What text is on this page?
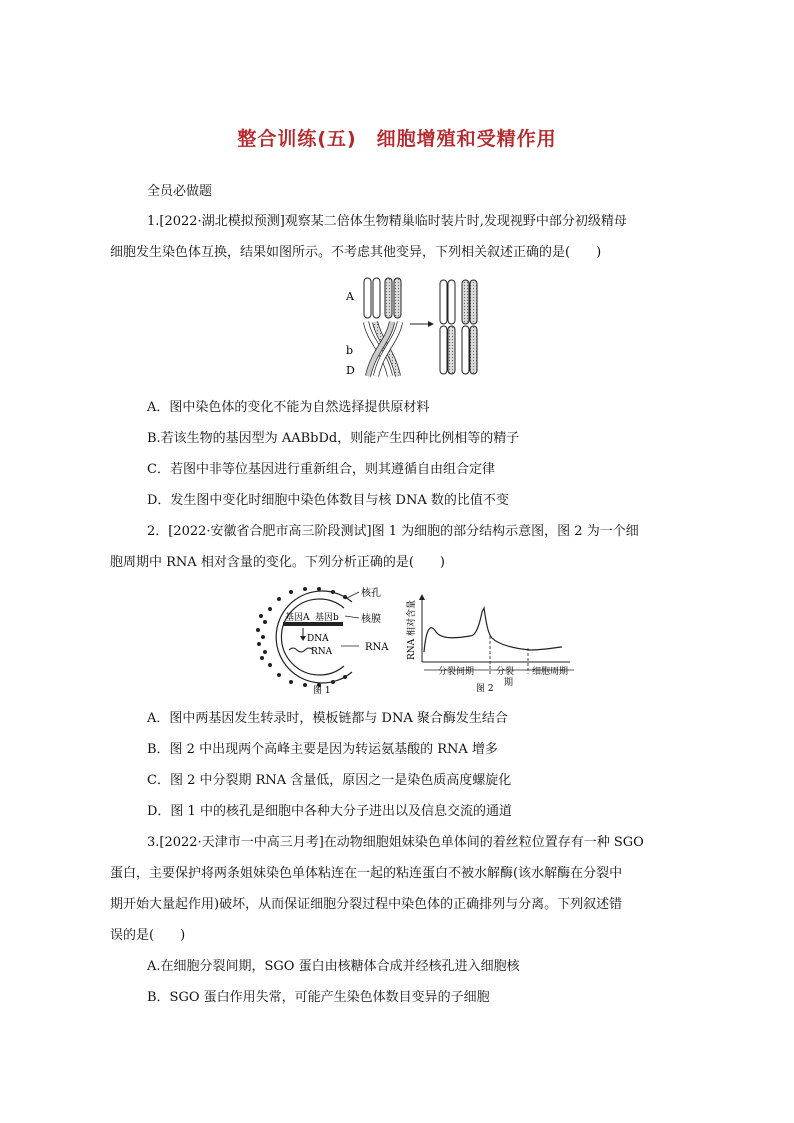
整合训练(五)　细胞增殖和受精作用
全员必做题
1.[2022·湖北模拟预测]观察某二倍体生物精巢临时装片时,发现视野中部分初级精母
细胞发生染色体互换，结果如图所示。不考虑其他变异，下列相关叙述正确的是(　　)
A
b
D
A．图中染色体的变化不能为自然选择提供原材料
B.若该生物的基因型为 AABbDd，则能产生四种比例相等的精子
C．若图中非等位基因进行重新组合，则其遵循自由组合定律
D．发生图中变化时细胞中染色体数目与核 DNA 数的比值不变
2．[2022·安徽省合肥市高三阶段测试]图 1 为细胞的部分结构示意图，图 2 为一个细
胞周期中 RNA 相对含量的变化。下列分析正确的是(　　)
基因A 基因b
DNA
RNA
核孔
核膜
RNA
图 1
RNA 相对含量
分裂间期 分裂
期
细胞周期
图 2
A．图中两基因发生转录时，模板链都与 DNA 聚合酶发生结合
B．图 2 中出现两个高峰主要是因为转运氨基酸的 RNA 增多
C．图 2 中分裂期 RNA 含量低，原因之一是染色质高度螺旋化
D．图 1 中的核孔是细胞中各种大分子进出以及信息交流的通道
3.[2022·天津市一中高三月考]在动物细胞姐妹染色单体间的着丝粒位置存有一种 SGO
蛋白，主要保护将两条姐妹染色单体粘连在一起的粘连蛋白不被水解酶(该水解酶在分裂中
期开始大量起作用)破坏，从而保证细胞分裂过程中染色体的正确排列与分离。下列叙述错
误的是(　　)
A.在细胞分裂间期，SGO 蛋白由核糖体合成并经核孔进入细胞核
B．SGO 蛋白作用失常，可能产生染色体数目变异的子细胞
